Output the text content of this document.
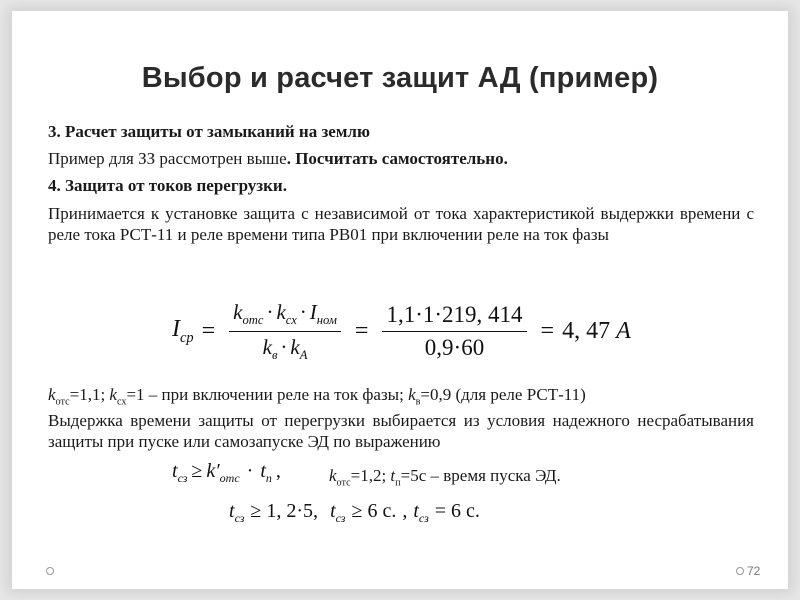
Выбор и расчет защит АД (пример)
3. Расчет защиты от замыканий на землю
Пример для ЗЗ рассмотрен выше. Посчитать самостоятельно.
4. Защита от токов перегрузки.
Принимается к установке защита с независимой от тока характеристикой выдержки времени с реле тока РСТ-11 и реле времени типа РВ01 при включении реле на ток фазы
$I_{ср} = \frac{k_{отс} \cdot k_{сх} \cdot I_{ном}}{k_в \cdot k_А} = \frac{1,1\cdot 1\cdot 219, 414}{0,9\cdot 60} = 4$, 47 A
$k_{отс}=1,1$; $k_{сх}=1$ – при включении реле на ток фазы; $k_в=0,9$ (для реле РСТ-11)
Выдержка времени защиты от перегрузки выбирается из условия надежного несрабатывания защиты при пуске или самозапуске ЭД по выражению
$t_{сз} \ge k'_{отс} \cdot t_п$ ,	$k_{отс}=1,2$; $t_п=5с$ – время пуска ЭД.
$t_{сз} \ge 1$, 2·5, $t_{сз} \ge 6$ с. , $t_{сз} = 6$ с.
72
